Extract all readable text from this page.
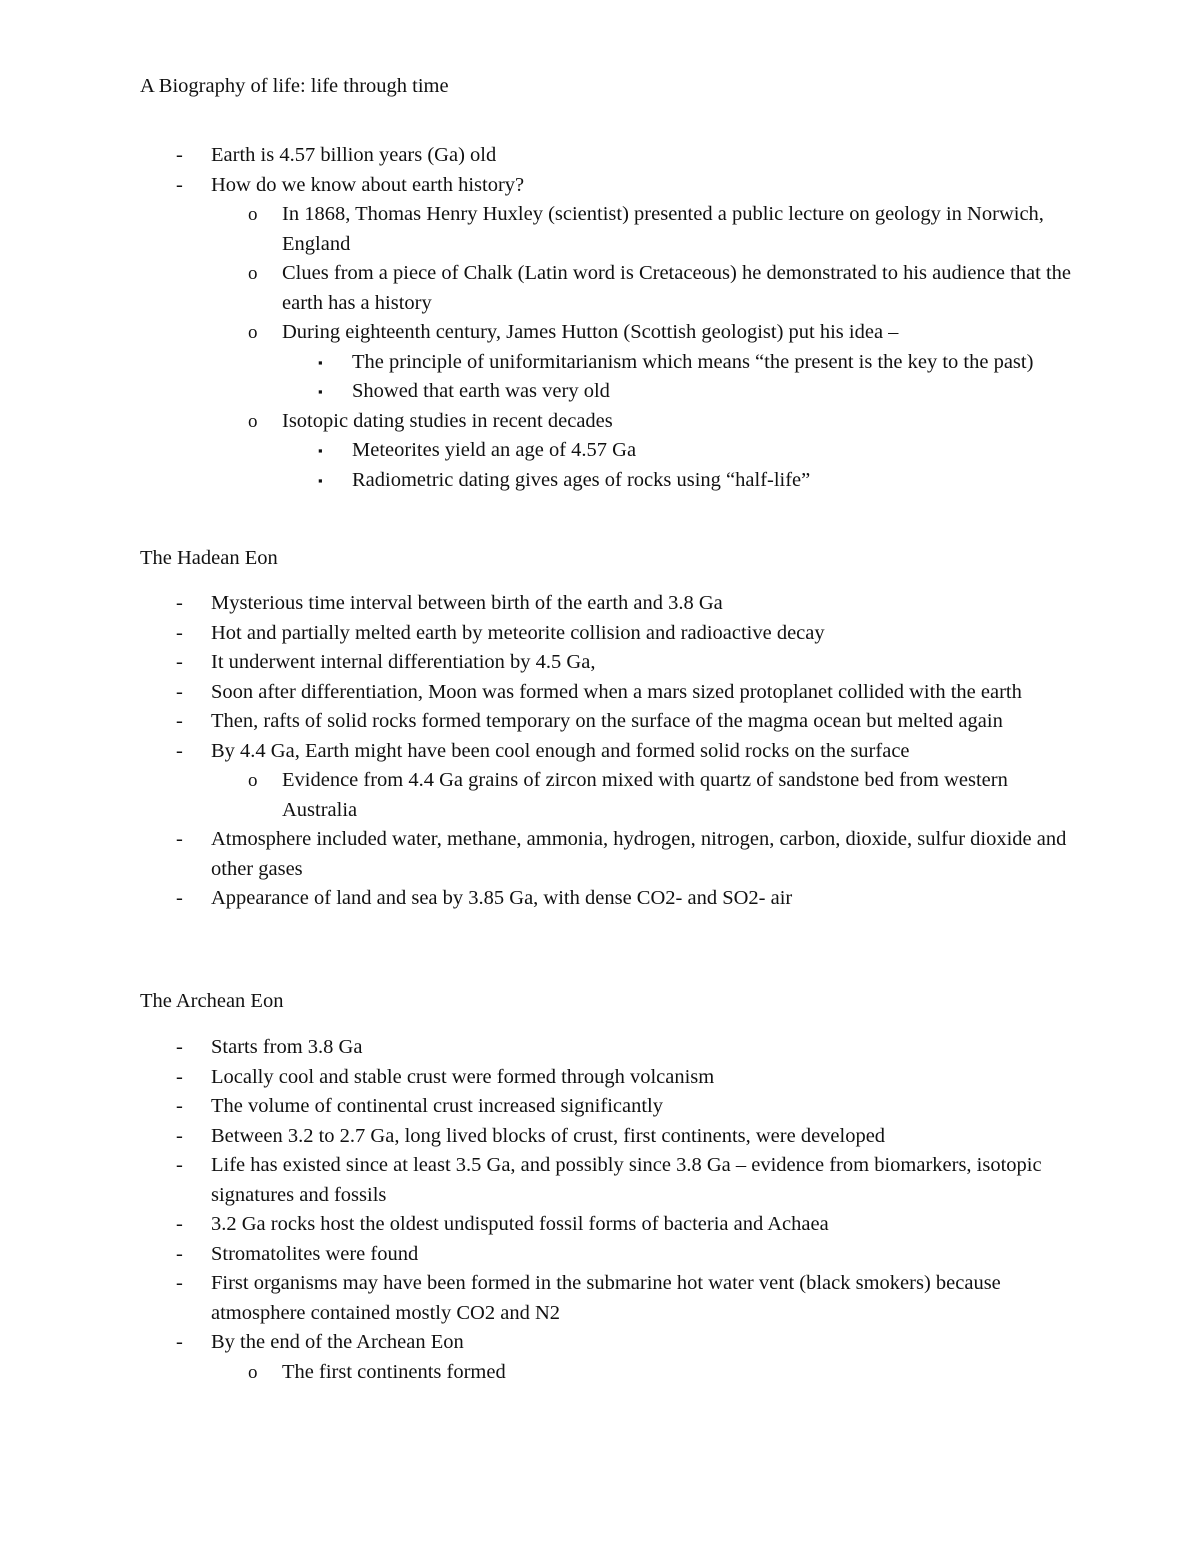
A Biography of life: life through time
- Earth is 4.57 billion years (Ga) old
- How do we know about earth history?
o In 1868, Thomas Henry Huxley (scientist) presented a public lecture on geology in Norwich, England
o Clues from a piece of Chalk (Latin word is Cretaceous) he demonstrated to his audience that the earth has a history
o During eighteenth century, James Hutton (Scottish geologist) put his idea –
▪ The principle of uniformitarianism which means “the present is the key to the past)
▪ Showed that earth was very old
o Isotopic dating studies in recent decades
▪ Meteorites yield an age of 4.57 Ga
▪ Radiometric dating gives ages of rocks using “half-life”
The Hadean Eon
- Mysterious time interval between birth of the earth and 3.8 Ga
- Hot and partially melted earth by meteorite collision and radioactive decay
- It underwent internal differentiation by 4.5 Ga,
- Soon after differentiation, Moon was formed when a mars sized protoplanet collided with the earth
- Then, rafts of solid rocks formed temporary on the surface of the magma ocean but melted again
- By 4.4 Ga, Earth might have been cool enough and formed solid rocks on the surface
o Evidence from 4.4 Ga grains of zircon mixed with quartz of sandstone bed from western Australia
- Atmosphere included water, methane, ammonia, hydrogen, nitrogen, carbon, dioxide, sulfur dioxide and other gases
- Appearance of land and sea by 3.85 Ga, with dense CO2- and SO2- air
The Archean Eon
- Starts from 3.8 Ga
- Locally cool and stable crust were formed through volcanism
- The volume of continental crust increased significantly
- Between 3.2 to 2.7 Ga, long lived blocks of crust, first continents, were developed
- Life has existed since at least 3.5 Ga, and possibly since 3.8 Ga – evidence from biomarkers, isotopic signatures and fossils
- 3.2 Ga rocks host the oldest undisputed fossil forms of bacteria and Achaea
- Stromatolites were found
- First organisms may have been formed in the submarine hot water vent (black smokers) because atmosphere contained mostly CO2 and N2
- By the end of the Archean Eon
o The first continents formed
